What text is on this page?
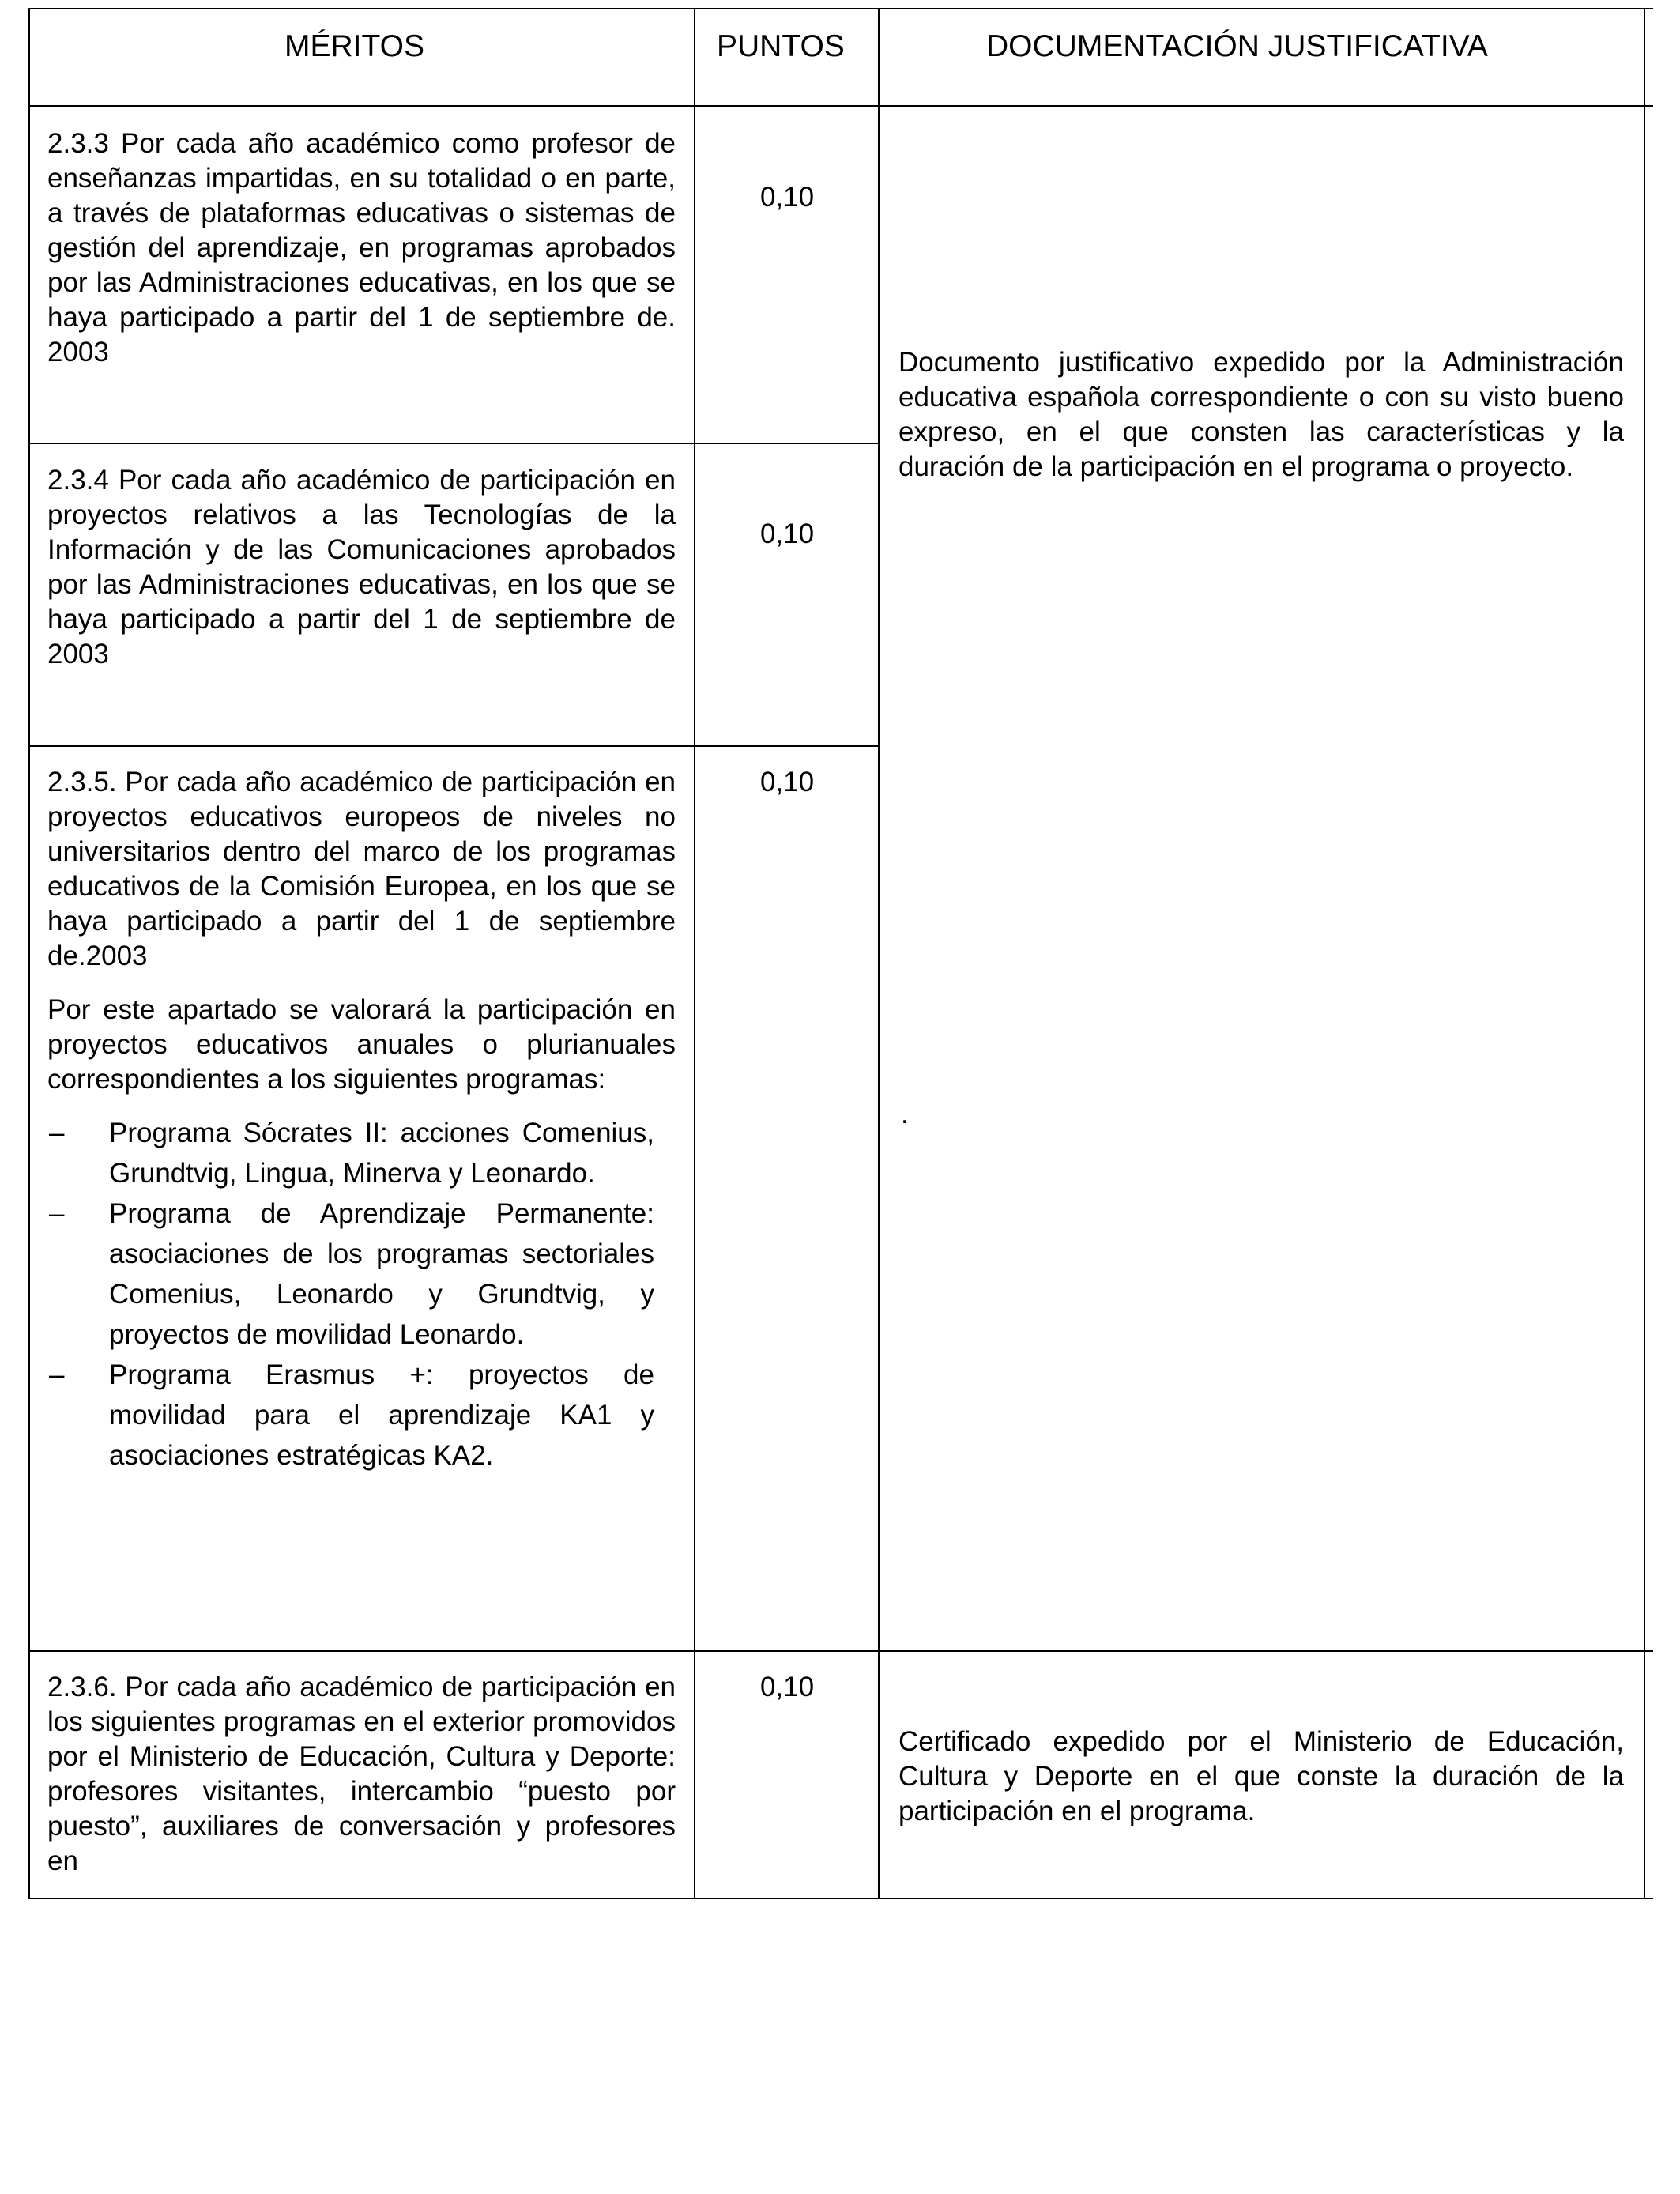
MÉRITOS	PUNTOS	DOCUMENTACIÓN JUSTIFICATIVA
2.3.3 Por cada año académico como profesor de enseñanzas impartidas, en su totalidad o en parte, a través de plataformas educativas o sistemas de gestión del aprendizaje, en programas aprobados por las Administraciones educativas, en los que se haya participado a partir del 1 de septiembre de. 2003
0,10
2.3.4 Por cada año académico de participación en proyectos relativos a las Tecnologías de la Información y de las Comunicaciones aprobados por las Administraciones educativas, en los que se haya participado a partir del 1 de septiembre de 2003
0,10
Documento justificativo expedido por la Administración educativa española correspondiente o con su visto bueno expreso, en el que consten las características y la duración de la participación en el programa o proyecto.

2.3.5. Por cada año académico de participación en proyectos educativos europeos de niveles no universitarios dentro del marco de los programas educativos de la Comisión Europea, en los que se haya participado a partir del 1 de septiembre de.2003

Por este apartado se valorará la participación en proyectos educativos anuales o plurianuales correspondientes a los siguientes programas:

– Programa Sócrates II: acciones Comenius, Grundtvig, Lingua, Minerva y Leonardo.
– Programa de Aprendizaje Permanente: asociaciones de los programas sectoriales Comenius, Leonardo y Grundtvig, y proyectos de movilidad Leonardo.
– Programa Erasmus +: proyectos de movilidad para el aprendizaje KA1 y asociaciones estratégicas KA2.
0,10
.
2.3.6. Por cada año académico de participación en los siguientes programas en el exterior promovidos por el Ministerio de Educación, Cultura y Deporte: profesores visitantes, intercambio “puesto por puesto”, auxiliares de conversación y profesores en
0,10
Certificado expedido por el Ministerio de Educación, Cultura y Deporte en el que conste la duración de la participación en el programa.
